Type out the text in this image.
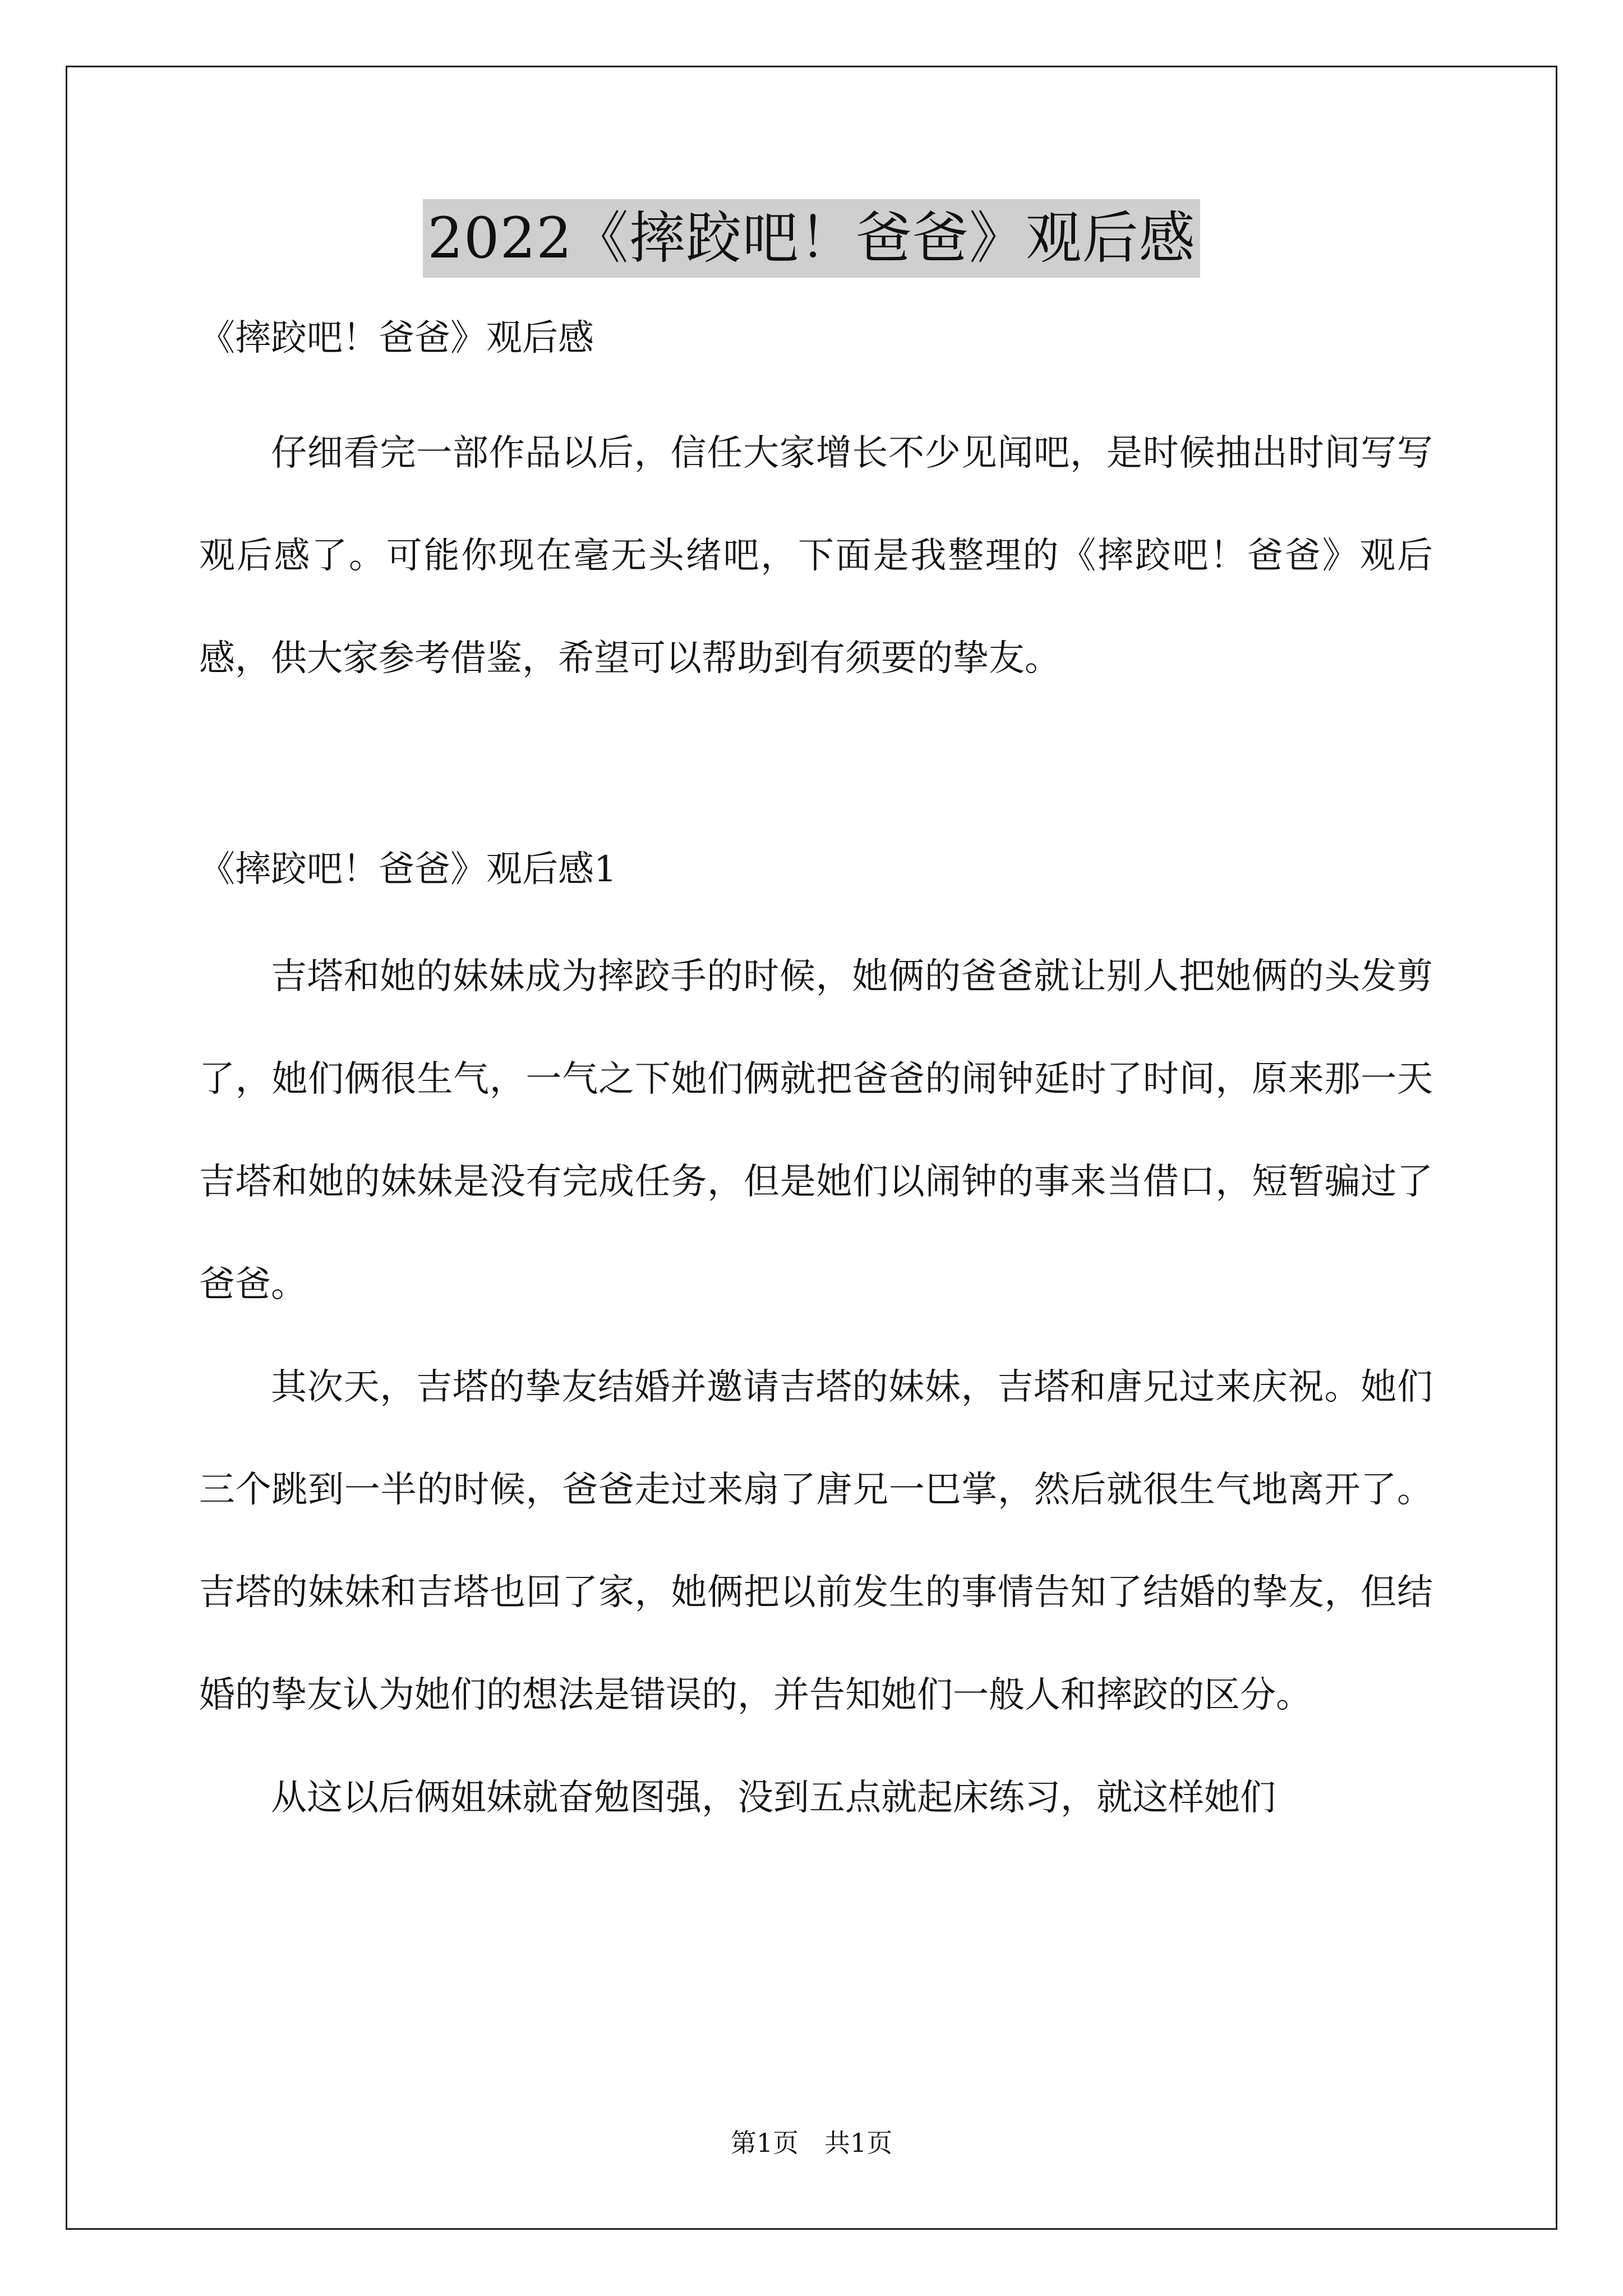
2022《摔跤吧！爸爸》观后感

《摔跤吧！爸爸》观后感

仔细看完一部作品以后，信任大家增长不少见闻吧，是时候抽出时间写写观后感了。可能你现在毫无头绪吧，下面是我整理的《摔跤吧！爸爸》观后感，供大家参考借鉴，希望可以帮助到有须要的挚友。

《摔跤吧！爸爸》观后感1

吉塔和她的妹妹成为摔跤手的时候，她俩的爸爸就让别人把她俩的头发剪了，她们俩很生气，一气之下她们俩就把爸爸的闹钟延时了时间，原来那一天吉塔和她的妹妹是没有完成任务，但是她们以闹钟的事来当借口，短暂骗过了爸爸。

其次天，吉塔的挚友结婚并邀请吉塔的妹妹，吉塔和唐兄过来庆祝。她们三个跳到一半的时候，爸爸走过来扇了唐兄一巴掌，然后就很生气地离开了。吉塔的妹妹和吉塔也回了家，她俩把以前发生的事情告知了结婚的挚友，但结婚的挚友认为她们的想法是错误的，并告知她们一般人和摔跤的区分。

从这以后俩姐妹就奋勉图强，没到五点就起床练习，就这样她们

第1页　共1页
